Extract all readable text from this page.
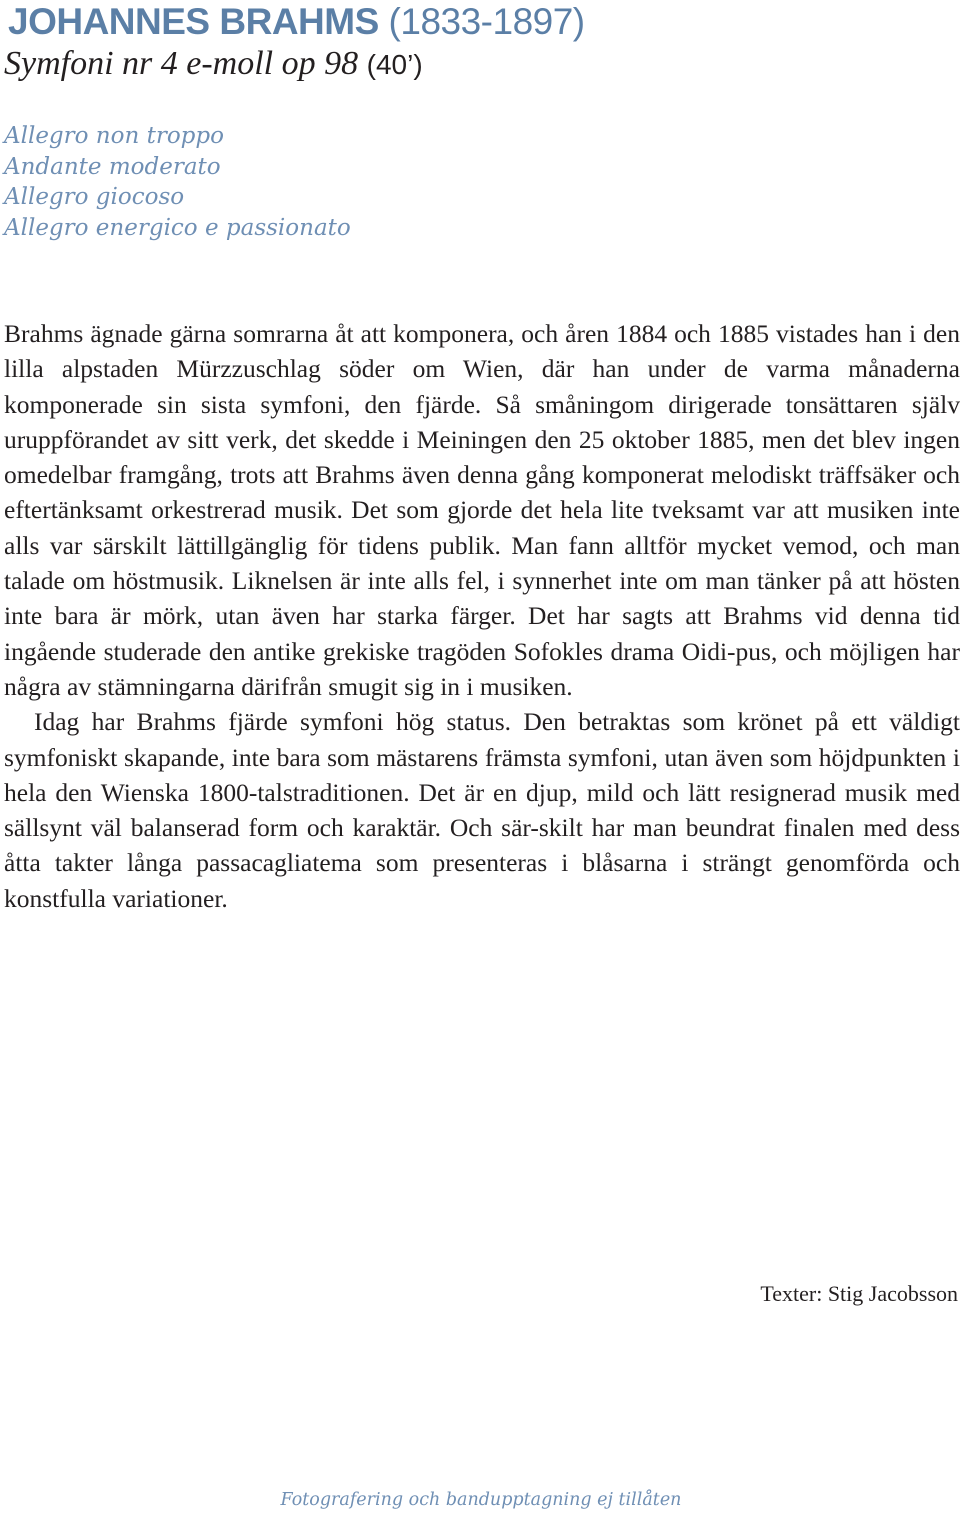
JOHANNES BRAHMS (1833-1897)
Symfoni nr 4 e-moll op 98 (40’)
Allegro non troppo
Andante moderato
Allegro giocoso
Allegro energico e passionato

Brahms ägnade gärna somrarna åt att komponera, och åren 1884 och 1885 vistades han i den lilla alpstaden Mürzzuschlag söder om Wien, där han under de varma månaderna komponerade sin sista symfoni, den fjärde. Så småningom dirigerade tonsättaren själv uruppförandet av sitt verk, det skedde i Meiningen den 25 oktober 1885, men det blev ingen omedelbar framgång, trots att Brahms även denna gång komponerat melodiskt träffsäker och eftertänksamt orkestrerad musik. Det som gjorde det hela lite tveksamt var att musiken inte alls var särskilt lättillgänglig för tidens publik. Man fann alltför mycket vemod, och man talade om höstmusik. Liknelsen är inte alls fel, i synnerhet inte om man tänker på att hösten inte bara är mörk, utan även har starka färger. Det har sagts att Brahms vid denna tid ingående studerade den antike grekiske tragöden Sofokles drama Oidi-pus, och möjligen har några av stämningarna därifrån smugit sig in i musiken.

Idag har Brahms fjärde symfoni hög status. Den betraktas som krönet på ett väldigt symfoniskt skapande, inte bara som mästarens främsta symfoni, utan även som höjdpunkten i hela den Wienska 1800-talstraditionen. Det är en djup, mild och lätt resignerad musik med sällsynt väl balanserad form och karaktär. Och sär-skilt har man beundrat finalen med dess åtta takter långa passacagliatema som presenteras i blåsarna i strängt genomförda och konstfulla variationer.

Texter: Stig Jacobsson
Fotografering och bandupptagning ej tillåten
